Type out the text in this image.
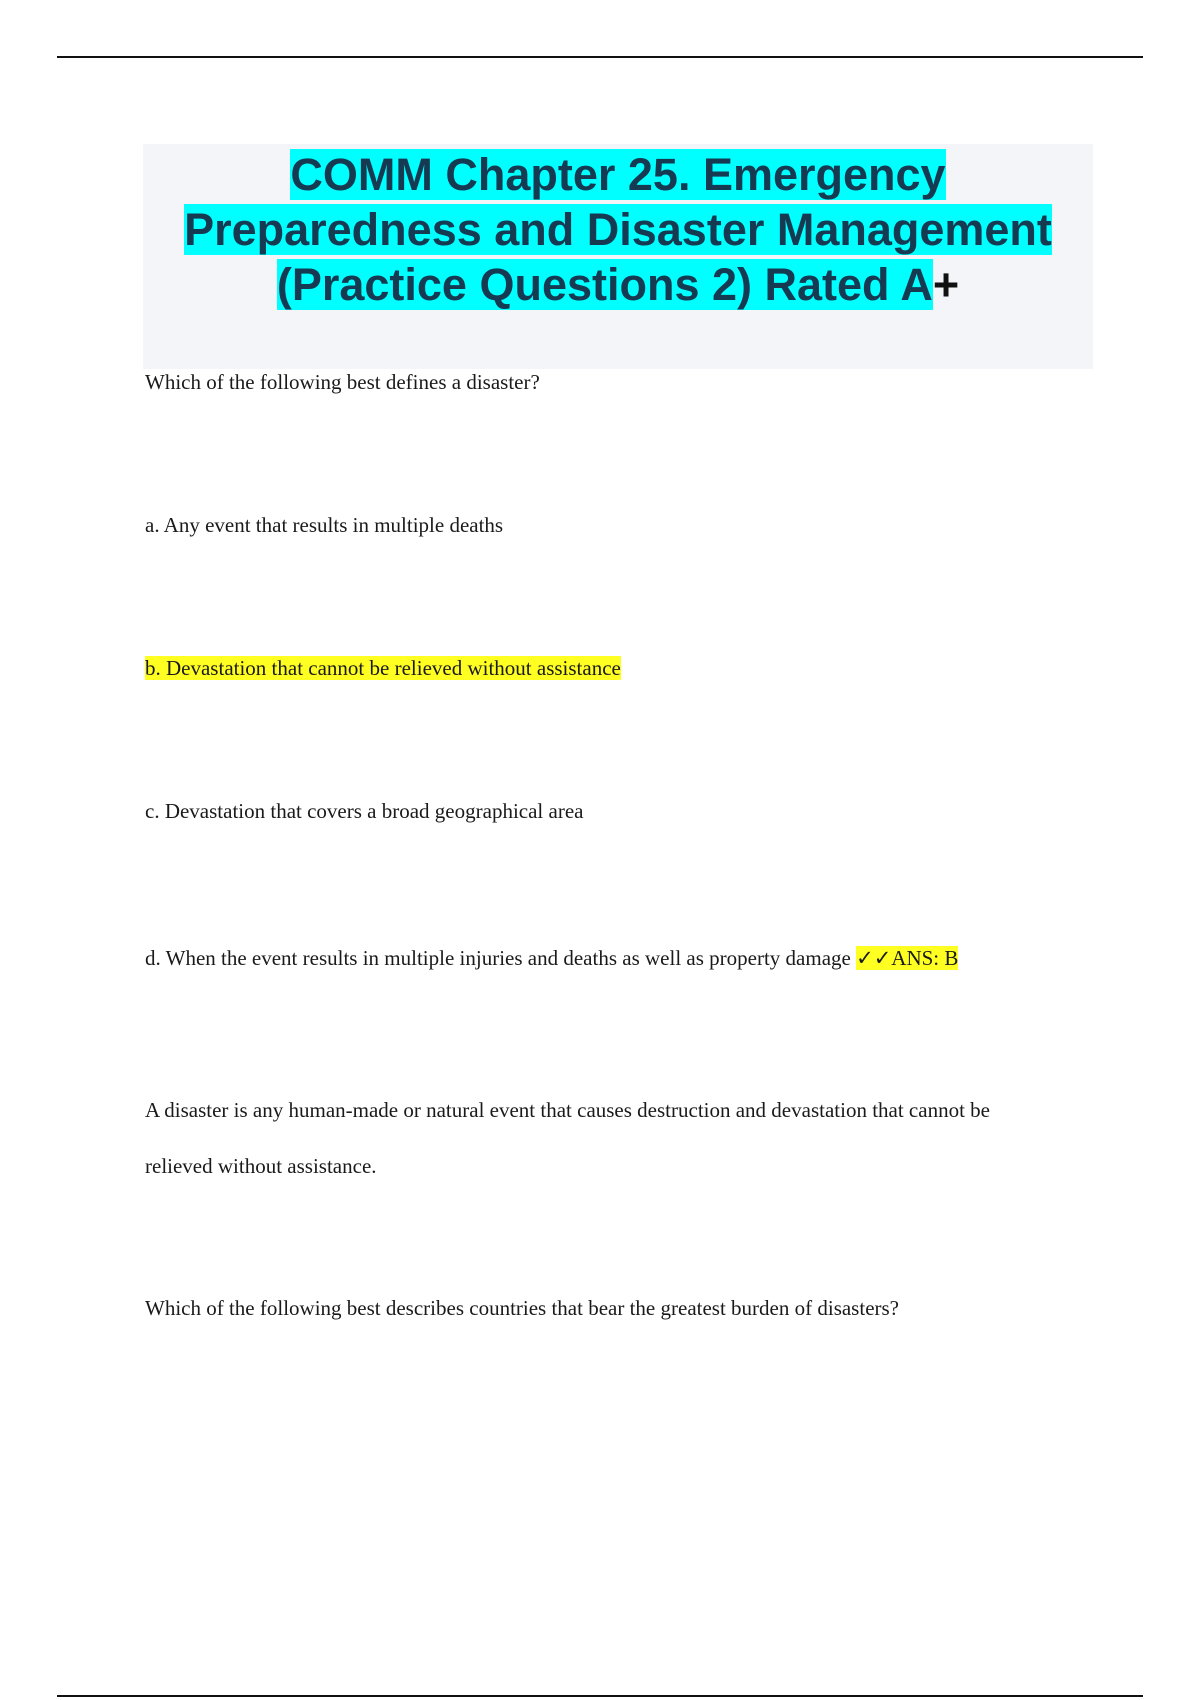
COMM Chapter 25. Emergency
Preparedness and Disaster Management
(Practice Questions 2) Rated A+

Which of the following best defines a disaster?

a. Any event that results in multiple deaths

b. Devastation that cannot be relieved without assistance

c. Devastation that covers a broad geographical area

d. When the event results in multiple injuries and deaths as well as property damage ✓✓ANS: B

A disaster is any human-made or natural event that causes destruction and devastation that cannot be relieved without assistance.

Which of the following best describes countries that bear the greatest burden of disasters?
